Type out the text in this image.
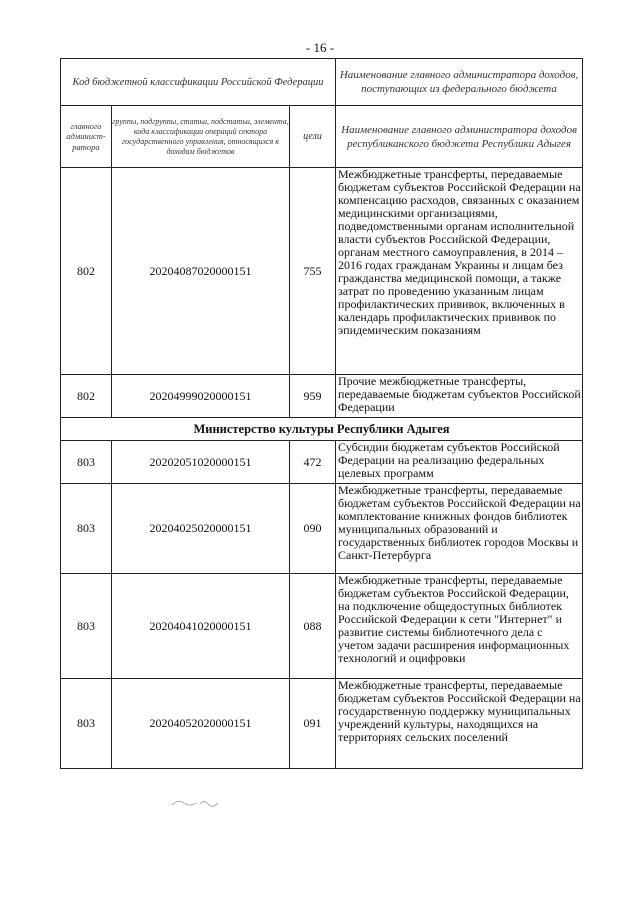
- 16 -
Код бюджетной классификации Российской Федерации			Наименование главного администратора доходов, поступающих из федерального бюджета
главного админист- ратора	группы, подгруппы, статьи, подстатьи, элемента, кода классификации операций сектора государственного управления, относящихся к доходам бюджетов	цели	Наименование главного администратора доходов республиканского бюджета Республики Адыгея
802	20204087020000151	755	Межбюджетные трансферты, передаваемые бюджетам субъектов Российской Федерации на компенсацию расходов, связанных с оказанием медицинскими организациями, подведомственными органам исполнительной власти субъектов Российской Федерации, органам местного самоуправления, в 2014 – 2016 годах гражданам Украины и лицам без гражданства медицинской помощи, а также затрат по проведению указанным лицам профилактических прививок, включенных в календарь профилактических прививок по эпидемическим показаниям
802	20204999020000151	959	Прочие межбюджетные трансферты, передаваемые бюджетам субъектов Российской Федерации
Министерство культуры Республики Адыгея			
803	20202051020000151	472	Субсидии бюджетам субъектов Российской Федерации на реализацию федеральных целевых программ
803	20204025020000151	090	Межбюджетные трансферты, передаваемые бюджетам субъектов Российской Федерации на комплектование книжных фондов библиотек муниципальных образований и государственных библиотек городов Москвы и Санкт-Петербурга
803	20204041020000151	088	Межбюджетные трансферты, передаваемые бюджетам субъектов Российской Федерации, на подключение общедоступных библиотек Российской Федерации к сети "Интернет" и развитие системы библиотечного дела с учетом задачи расширения информационных технологий и оцифровки
803	20204052020000151	091	Межбюджетные трансферты, передаваемые бюджетам субъектов Российской Федерации на государственную поддержку муниципальных учреждений культуры, находящихся на территориях сельских поселений
